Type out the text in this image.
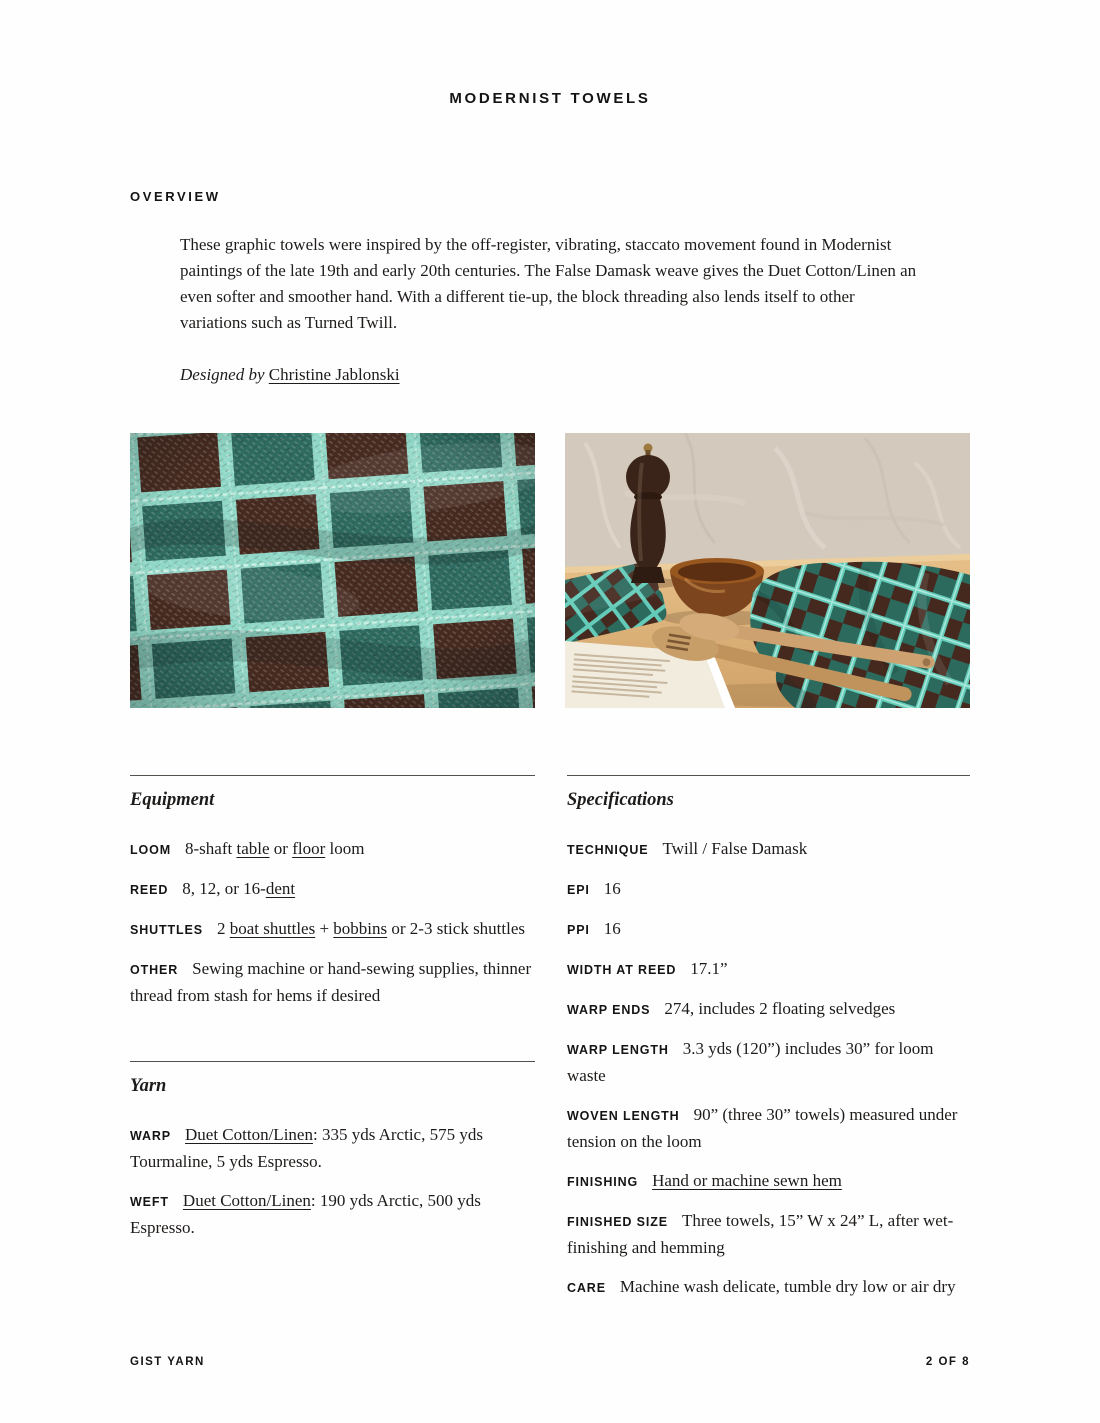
MODERNIST TOWELS
OVERVIEW

These graphic towels were inspired by the off-register, vibrating, staccato movement found in Modernist paintings of the late 19th and early 20th centuries. The False Damask weave gives the Duet Cotton/Linen an even softer and smoother hand. With a different tie-up, the block threading also lends itself to other variations such as Turned Twill.

Designed by Christine Jablonski

Equipment

LOOM 8-shaft table or floor loom

REED 8, 12, or 16-dent

SHUTTLES 2 boat shuttles + bobbins or 2-3 stick shuttles

OTHER Sewing machine or hand-sewing supplies, thinner thread from stash for hems if desired

Yarn

WARP Duet Cotton/Linen: 335 yds Arctic, 575 yds Tourmaline, 5 yds Espresso.

WEFT Duet Cotton/Linen: 190 yds Arctic, 500 yds Espresso.

Specifications

TECHNIQUE Twill / False Damask

EPI 16

PPI 16

WIDTH AT REED 17.1”

WARP ENDS 274, includes 2 floating selvedges

WARP LENGTH 3.3 yds (120”) includes 30” for loom waste

WOVEN LENGTH 90” (three 30” towels) measured under tension on the loom

FINISHING Hand or machine sewn hem

FINISHED SIZE Three towels, 15” W x 24” L, after wet-finishing and hemming

CARE Machine wash delicate, tumble dry low or air dry

GIST YARN	2 OF 8
